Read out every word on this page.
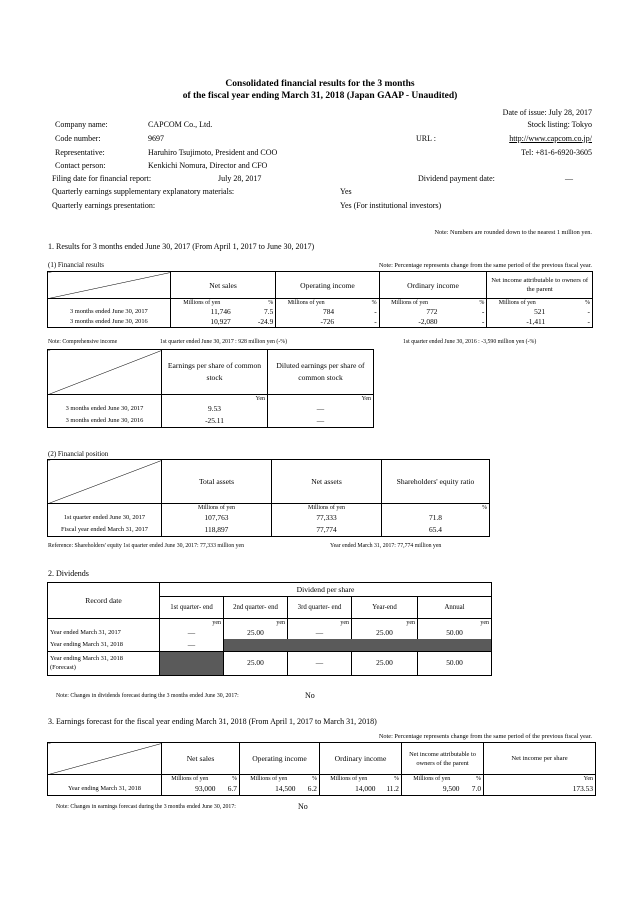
Consolidated financial results for the 3 months
of the fiscal year ending March 31, 2018 (Japan GAAP - Unaudited)
Date of issue: July 28, 2017
Stock listing: Tokyo
Company name:	CAPCOM Co., Ltd.
Code number:	9697	URL :	http://www.capcom.co.jp/
Representative:	Haruhiro Tsujimoto, President and COO	Tel: +81-6-6920-3605
Contact person:	Kenkichi Nomura, Director and CFO
Filing date for financial report:	July 28, 2017	Dividend payment date:	―
Quarterly earnings supplementary explanatory materials:	Yes
Quarterly earnings presentation:	Yes (For institutional investors)
Note: Numbers are rounded down to the nearest 1 million yen.
1. Results for 3 months ended June 30, 2017 (From April 1, 2017 to June 30, 2017)
(1) Financial results	Note: Percentage represents change from the same period of the previous fiscal year.
	Net sales		Operating income		Ordinary income		Net income attributable to owners of the parent	
	Millions of yen	%	Millions of yen	%	Millions of yen	%	Millions of yen	%
3 months ended June 30, 2017	11,746	7.5	784	-	772	-	521	-
3 months ended June 30, 2016	10,927	-24.9	-726	-	-2,080	-	-1,411	-
Note: Comprehensive income	1st quarter ended June 30, 2017 : 928 million yen (-%)	1st quarter ended June 30, 2016 : -3,590 million yen (-%)
	Earnings per share of common stock	Diluted earnings per share of common stock
	Yen	Yen
3 months ended June 30, 2017	9.53	―
3 months ended June 30, 2016	-25.11	―
(2) Financial position
	Total assets	Net assets	Shareholders' equity ratio
	Millions of yen	Millions of yen	%
1st quarter ended June 30, 2017	107,763	77,333	71.8
Fiscal year ended March 31, 2017	118,897	77,774	65.4
Reference: Shareholders' equity 1st quarter ended June 30, 2017: 77,333 million yen	Year ended March 31, 2017: 77,774 million yen
2. Dividends
Record date	Dividend per share				
	1st quarter- end	2nd quarter- end	3rd quarter- end	Year-end	Annual
	yen	yen	yen	yen	yen
Year ended March 31, 2017	―	25.00	―	25.00	50.00
Year ending March 31, 2018	―				
Year ending March 31, 2018
(Forecast)		25.00	―	25.00	50.00
Note: Changes in dividends forecast during the 3 months ended June 30, 2017:	No
3. Earnings forecast for the fiscal year ending March 31, 2018 (From April 1, 2017 to March 31, 2018)
Note: Percentage represents change from the same period of the previous fiscal year.
	Net sales		Operating income		Ordinary income		Net income attributable to owners of the parent		Net income per share
	Millions of yen	%	Millions of yen	%	Millions of yen	%	Millions of yen	%	Yen
Year ending March 31, 2018	93,000	6.7	14,500	6.2	14,000	11.2	9,500	7.0	173.53
Note: Changes in earnings forecast during the 3 months ended June 30, 2017:	No
